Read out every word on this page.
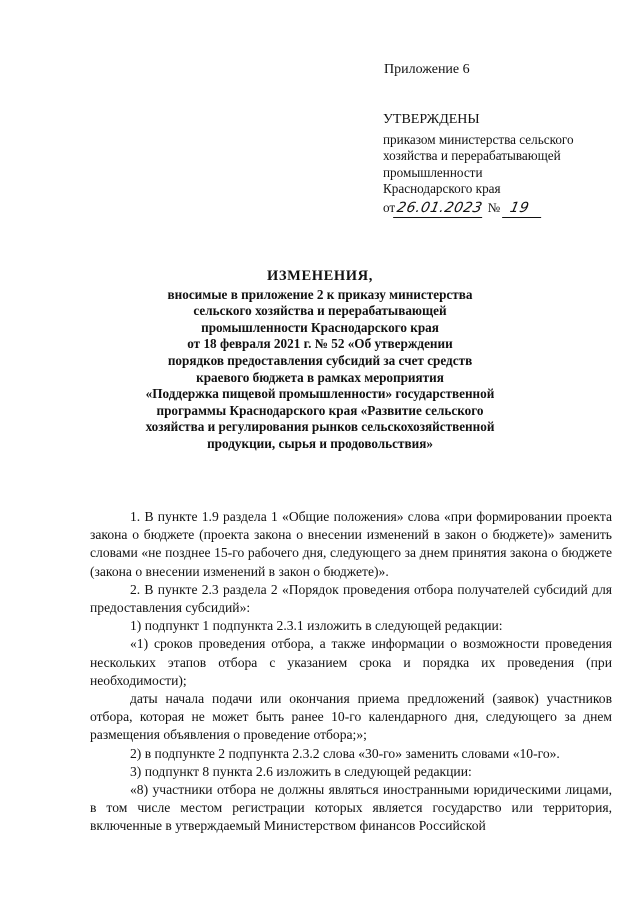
Приложение 6
УТВЕРЖДЕНЫ
приказом министерства сельского
хозяйства и перерабатывающей
промышленности
Краснодарского края
от26.01.2023 № 19
ИЗМЕНЕНИЯ,
вносимые в приложение 2 к приказу министерства
сельского хозяйства и перерабатывающей
промышленности Краснодарского края
от 18 февраля 2021 г. № 52 «Об утверждении
порядков предоставления субсидий за счет средств
краевого бюджета в рамках мероприятия
«Поддержка пищевой промышленности» государственной
программы Краснодарского края «Развитие сельского
хозяйства и регулирования рынков сельскохозяйственной
продукции, сырья и продовольствия»

1. В пункте 1.9 раздела 1 «Общие положения» слова «при формировании проекта закона о бюджете (проекта закона о внесении изменений в закон о бюджете)» заменить словами «не позднее 15-го рабочего дня, следующего за днем принятия закона о бюджете (закона о внесении изменений в закон о бюджете)».

2. В пункте 2.3 раздела 2 «Порядок проведения отбора получателей субсидий для предоставления субсидий»:

1) подпункт 1 подпункта 2.3.1 изложить в следующей редакции:

«1) сроков проведения отбора, а также информации о возможности проведения нескольких этапов отбора с указанием срока и порядка их проведения (при необходимости);

даты начала подачи или окончания приема предложений (заявок) участников отбора, которая не может быть ранее 10-го календарного дня, следующего за днем размещения объявления о проведение отбора;»;

2) в подпункте 2 подпункта 2.3.2 слова «30-го» заменить словами «10-го».

3) подпункт 8 пункта 2.6 изложить в следующей редакции:

«8) участники отбора не должны являться иностранными юридическими лицами, в том числе местом регистрации которых является государство или территория, включенные в утверждаемый Министерством финансов Российской
